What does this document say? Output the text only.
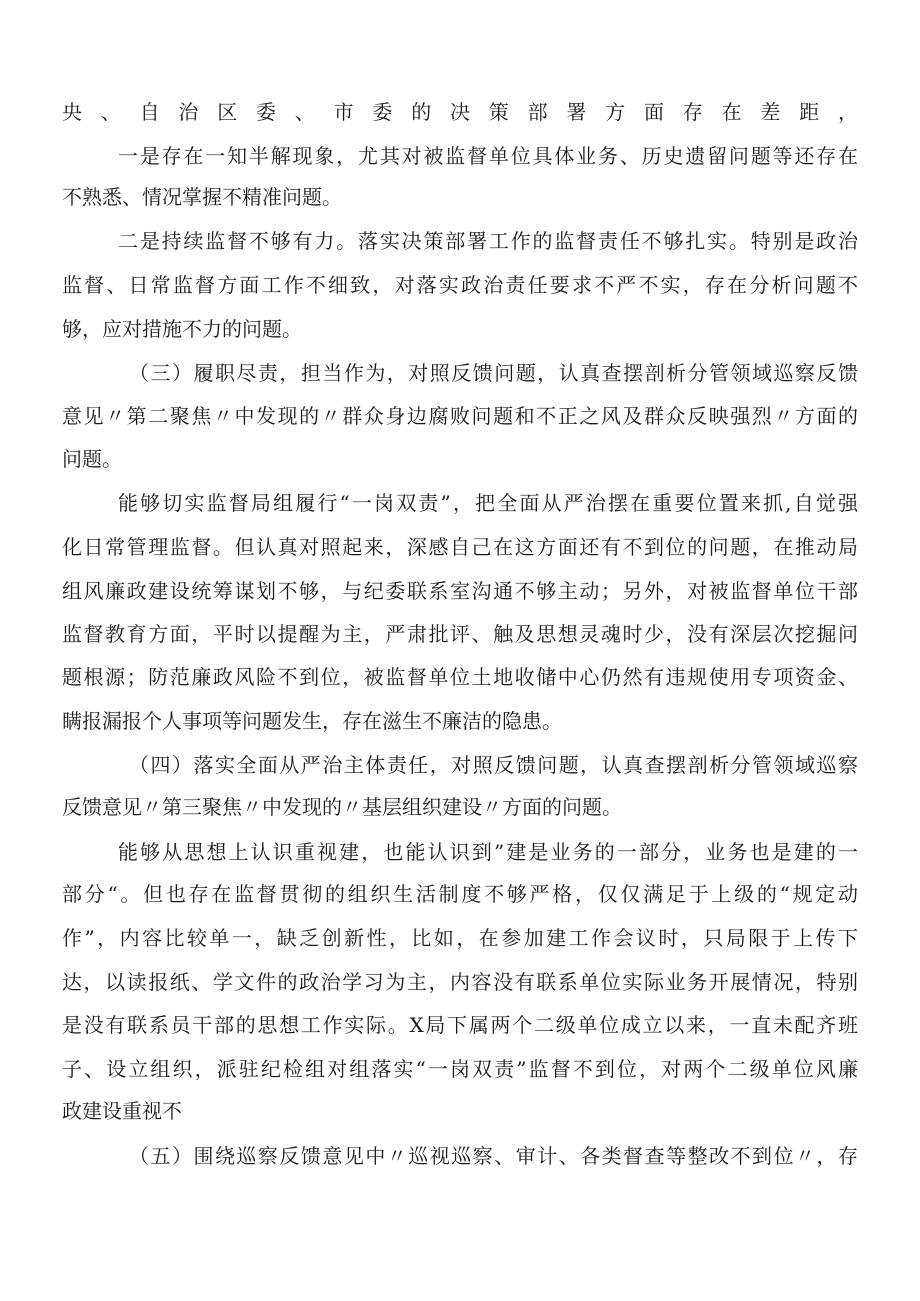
央、自治区委、市委的决策部署方面存在差距，

一是存在一知半解现象，尤其对被监督单位具体业务、历史遗留问题等还存在

不熟悉、情况掌握不精准问题。

二是持续监督不够有力。落实决策部署工作的监督责任不够扎实。特别是政治

监督、日常监督方面工作不细致，对落实政治责任要求不严不实，存在分析问题不

够，应对措施不力的问题。

（三）履职尽责，担当作为，对照反馈问题，认真查摆剖析分管领域巡察反馈

意见〃第二聚焦〃中发现的〃群众身边腐败问题和不正之风及群众反映强烈〃方面的

问题。

能够切实监督局组履行“一岗双责”，把全面从严治摆在重要位置来抓,自觉强

化日常管理监督。但认真对照起来，深感自己在这方面还有不到位的问题，在推动局

组风廉政建设统筹谋划不够，与纪委联系室沟通不够主动；另外，对被监督单位干部

监督教育方面，平时以提醒为主，严肃批评、触及思想灵魂时少，没有深层次挖掘问

题根源；防范廉政风险不到位，被监督单位土地收储中心仍然有违规使用专项资金、

瞒报漏报个人事项等问题发生，存在滋生不廉洁的隐患。

（四）落实全面从严治主体责任，对照反馈问题，认真查摆剖析分管领域巡察

反馈意见〃第三聚焦〃中发现的〃基层组织建设〃方面的问题。

能够从思想上认识重视建，也能认识到”建是业务的一部分，业务也是建的一

部分“。但也存在监督贯彻的组织生活制度不够严格，仅仅满足于上级的“规定动

作”，内容比较单一，缺乏创新性，比如，在参加建工作会议时，只局限于上传下

达，以读报纸、学文件的政治学习为主，内容没有联系单位实际业务开展情况，特别

是没有联系员干部的思想工作实际。X局下属两个二级单位成立以来，一直未配齐班

子、设立组织，派驻纪检组对组落实“一岗双责”监督不到位，对两个二级单位风廉

政建设重视不

（五）围绕巡察反馈意见中〃巡视巡察、审计、各类督查等整改不到位〃，存
